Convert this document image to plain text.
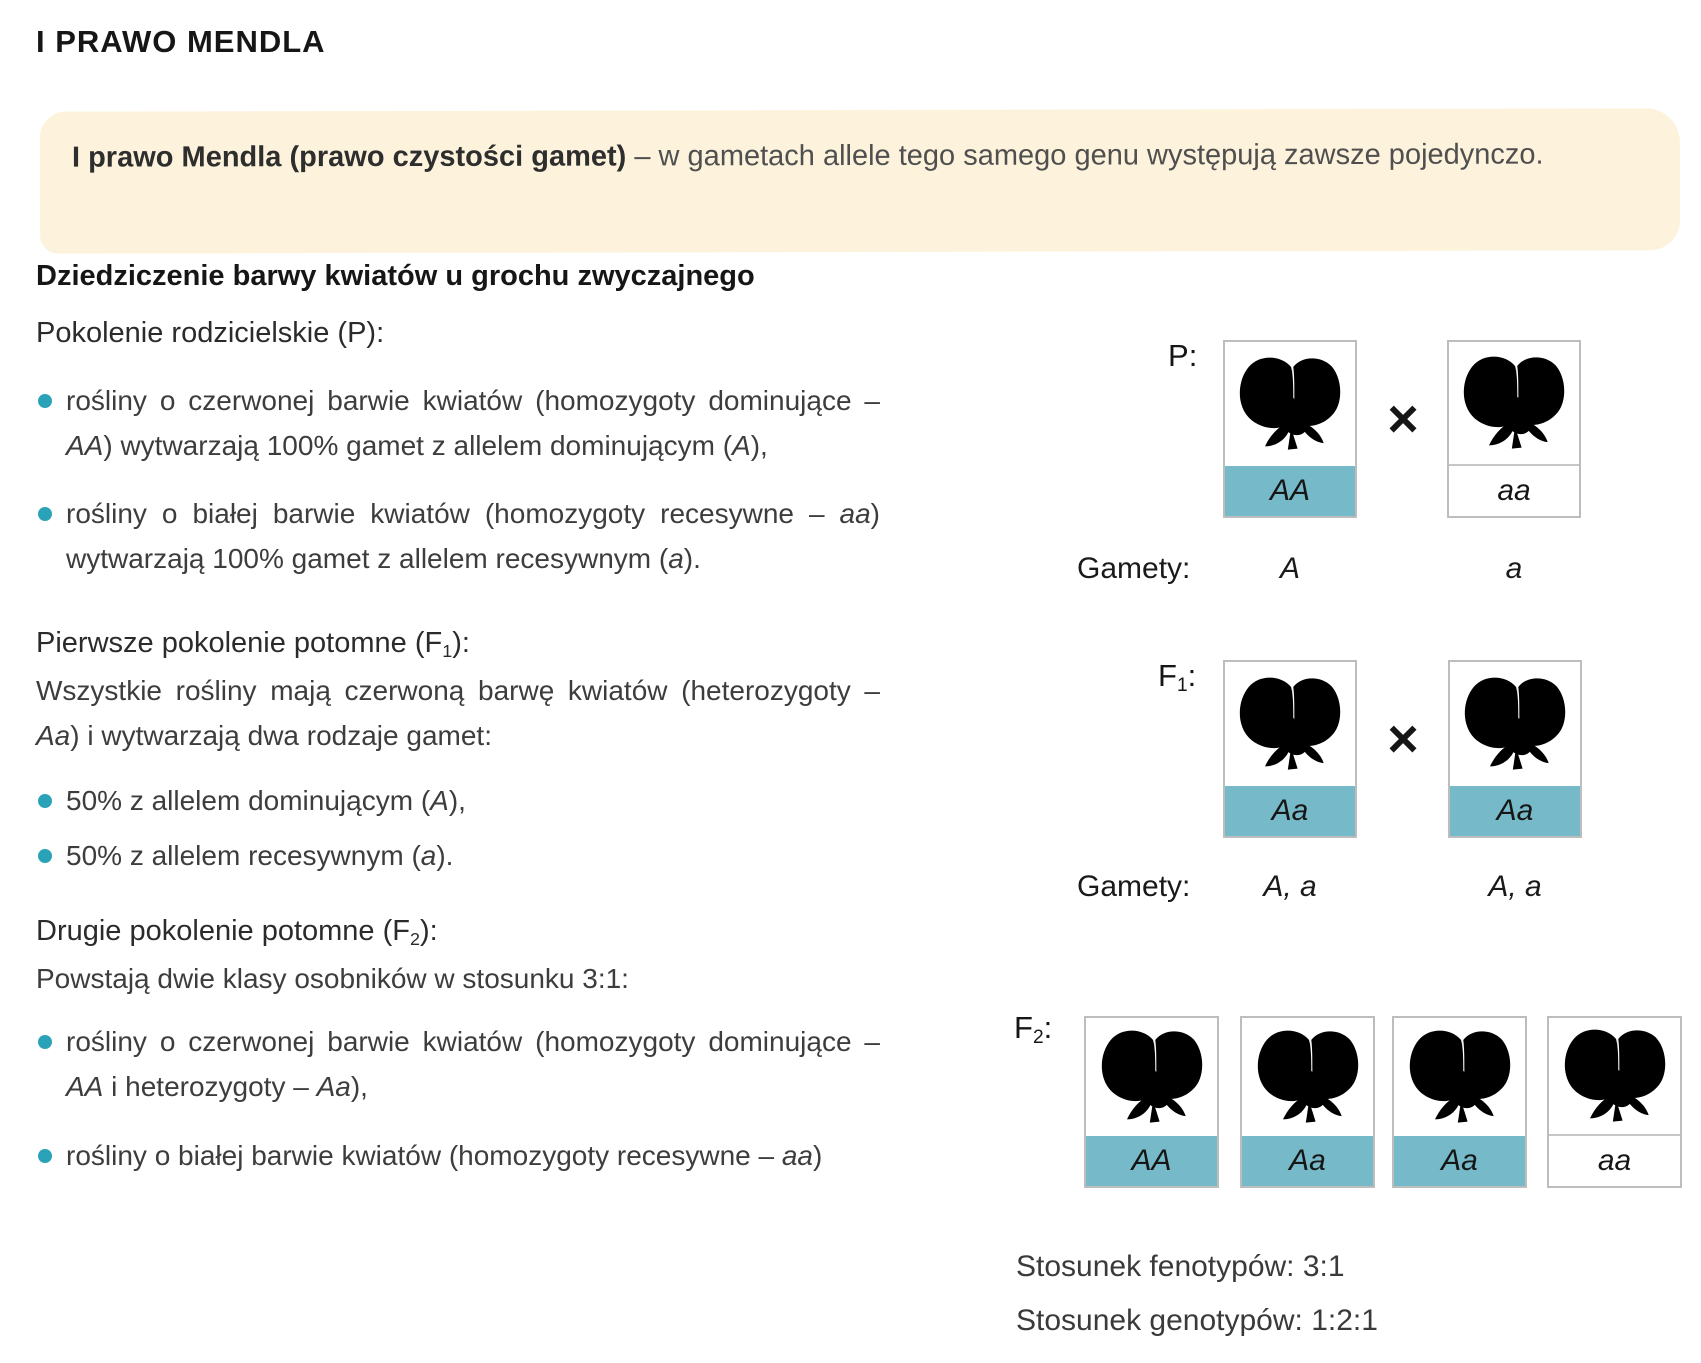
I PRAWO MENDLA
I prawo Mendla (prawo czystości gamet) – w gametach allele tego samego genu występują zawsze pojedynczo.
Dziedziczenie barwy kwiatów u grochu zwyczajnego
Pokolenie rodzicielskie (P):
rośliny o czerwonej barwie kwiatów (homozygoty dominujące – AA) wytwarzają 100% gamet z allelem dominującym (A),
rośliny o białej barwie kwiatów (homozygoty recesywne – aa) wytwarzają 100% gamet z allelem recesywnym (a).
Pierwsze pokolenie potomne $(F_1)$:

Wszystkie rośliny mają czerwoną barwę kwiatów (heterozygoty – Aa) i wytwarzają dwa rodzaje gamet:

50% z allelem dominującym (A),
50% z allelem recesywnym (a).
Drugie pokolenie potomne $(F_2)$:

Powstają dwie klasy osobników w stosunku 3:1:

rośliny o czerwonej barwie kwiatów (homozygoty dominujące – AA i heterozygoty – Aa),
rośliny o białej barwie kwiatów (homozygoty recesywne – aa)
P:
AA
×
aa
Gamety:	A	a
$F_1$:
Aa
×
Aa
Gamety:	A, a	A, a
$F_2$:
AA	Aa	Aa	aa
Stosunek fenotypów: 3:1
Stosunek genotypów: 1:2:1
